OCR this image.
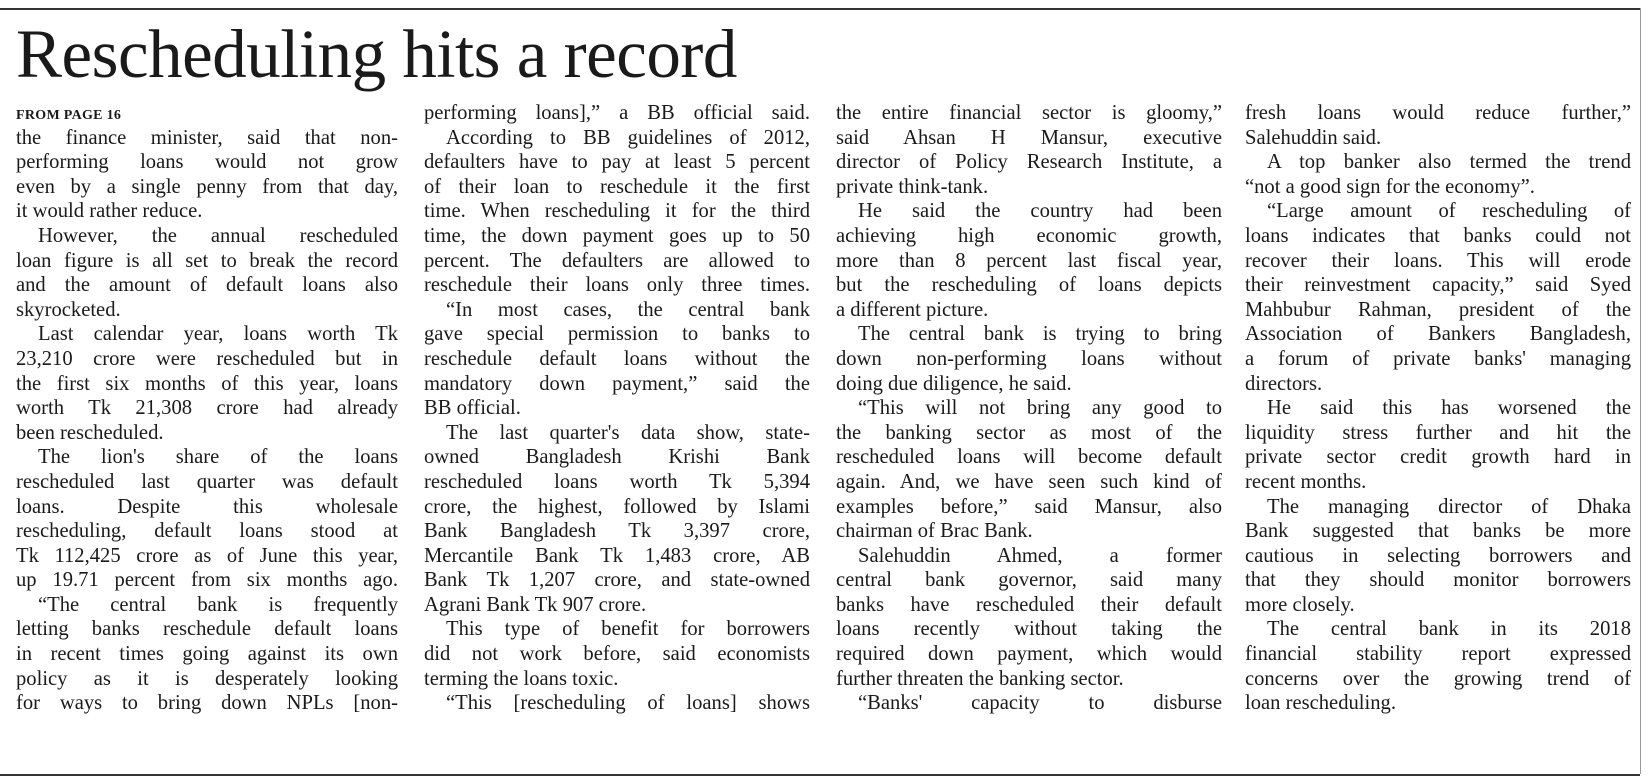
Rescheduling hits a record
FROM PAGE 16
the finance minister, said that non-
performing loans would not grow
even by a single penny from that day,
it would rather reduce.
However, the annual rescheduled
loan figure is all set to break the record
and the amount of default loans also
skyrocketed.
Last calendar year, loans worth Tk
23,210 crore were rescheduled but in
the first six months of this year, loans
worth Tk 21,308 crore had already
been rescheduled.
The lion's share of the loans
rescheduled last quarter was default
loans. Despite this wholesale
rescheduling, default loans stood at
Tk 112,425 crore as of June this year,
up 19.71 percent from six months ago.
“The central bank is frequently
letting banks reschedule default loans
in recent times going against its own
policy as it is desperately looking
for ways to bring down NPLs [non-
performing loans],” a BB official said.
According to BB guidelines of 2012,
defaulters have to pay at least 5 percent
of their loan to reschedule it the first
time. When rescheduling it for the third
time, the down payment goes up to 50
percent. The defaulters are allowed to
reschedule their loans only three times.
“In most cases, the central bank
gave special permission to banks to
reschedule default loans without the
mandatory down payment,” said the
BB official.
The last quarter's data show, state-
owned Bangladesh Krishi Bank
rescheduled loans worth Tk 5,394
crore, the highest, followed by Islami
Bank Bangladesh Tk 3,397 crore,
Mercantile Bank Tk 1,483 crore, AB
Bank Tk 1,207 crore, and state-owned
Agrani Bank Tk 907 crore.
This type of benefit for borrowers
did not work before, said economists
terming the loans toxic.
“This [rescheduling of loans] shows
the entire financial sector is gloomy,”
said Ahsan H Mansur, executive
director of Policy Research Institute, a
private think-tank.
He said the country had been
achieving high economic growth,
more than 8 percent last fiscal year,
but the rescheduling of loans depicts
a different picture.
The central bank is trying to bring
down non-performing loans without
doing due diligence, he said.
“This will not bring any good to
the banking sector as most of the
rescheduled loans will become default
again. And, we have seen such kind of
examples before,” said Mansur, also
chairman of Brac Bank.
Salehuddin Ahmed, a former
central bank governor, said many
banks have rescheduled their default
loans recently without taking the
required down payment, which would
further threaten the banking sector.
“Banks' capacity to disburse
fresh loans would reduce further,”
Salehuddin said.
A top banker also termed the trend
“not a good sign for the economy”.
“Large amount of rescheduling of
loans indicates that banks could not
recover their loans. This will erode
their reinvestment capacity,” said Syed
Mahbubur Rahman, president of the
Association of Bankers Bangladesh,
a forum of private banks' managing
directors.
He said this has worsened the
liquidity stress further and hit the
private sector credit growth hard in
recent months.
The managing director of Dhaka
Bank suggested that banks be more
cautious in selecting borrowers and
that they should monitor borrowers
more closely.
The central bank in its 2018
financial stability report expressed
concerns over the growing trend of
loan rescheduling.
